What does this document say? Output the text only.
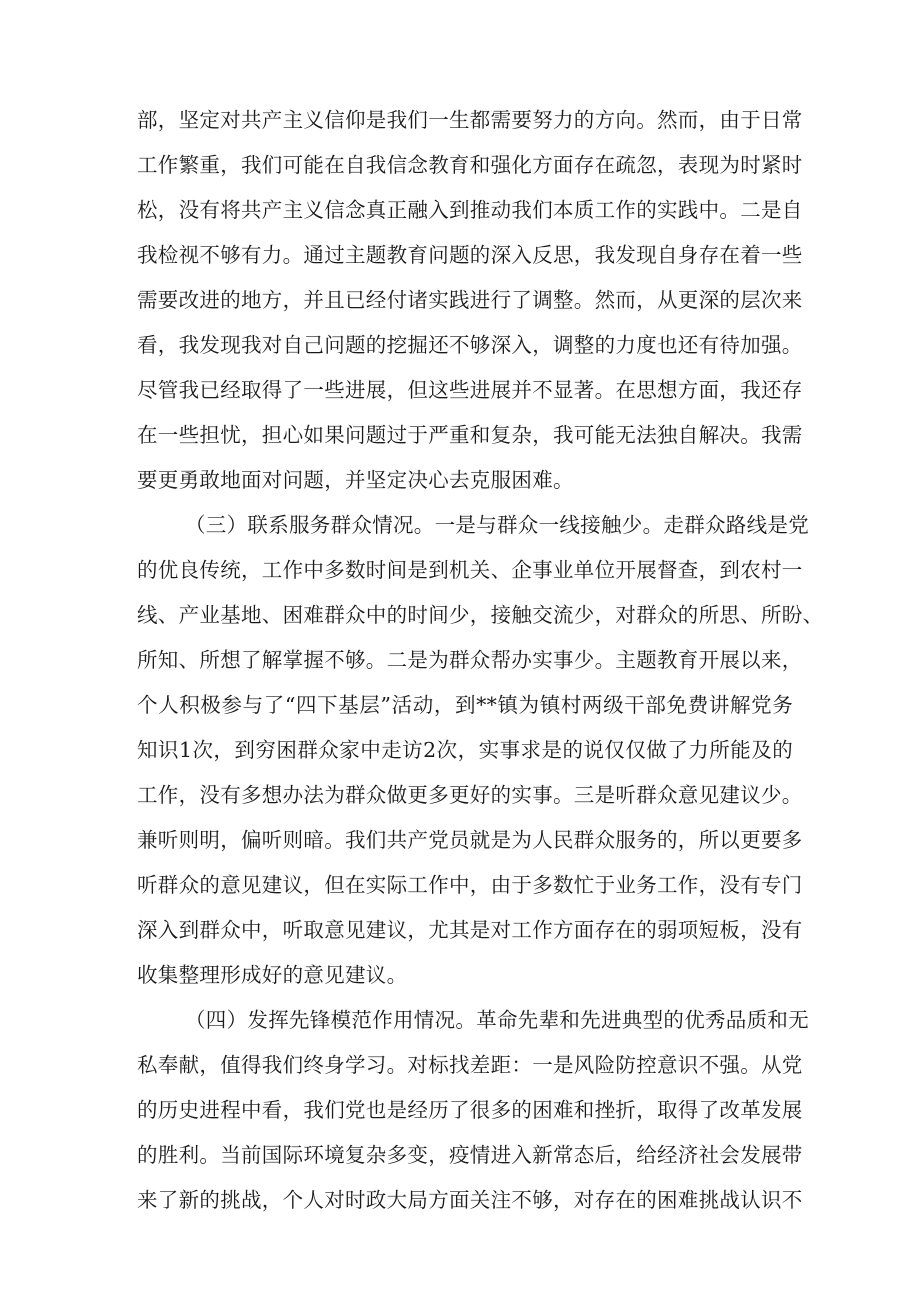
部，坚定对共产主义信仰是我们一生都需要努力的方向。然而，由于日常
工作繁重，我们可能在自我信念教育和强化方面存在疏忽，表现为时紧时
松，没有将共产主义信念真正融入到推动我们本质工作的实践中。二是自
我检视不够有力。通过主题教育问题的深入反思，我发现自身存在着一些
需要改进的地方，并且已经付诸实践进行了调整。然而，从更深的层次来
看，我发现我对自己问题的挖掘还不够深入，调整的力度也还有待加强。
尽管我已经取得了一些进展，但这些进展并不显著。在思想方面，我还存
在一些担忧，担心如果问题过于严重和复杂，我可能无法独自解决。我需
要更勇敢地面对问题，并坚定决心去克服困难。
（三）联系服务群众情况。一是与群众一线接触少。走群众路线是党
的优良传统，工作中多数时间是到机关、企事业单位开展督查，到农村一
线、产业基地、困难群众中的时间少，接触交流少，对群众的所思、所盼、
所知、所想了解掌握不够。二是为群众帮办实事少。主题教育开展以来，
个人积极参与了“四下基层”活动，到**镇为镇村两级干部免费讲解党务
知识1次，到穷困群众家中走访2次，实事求是的说仅仅做了力所能及的
工作，没有多想办法为群众做更多更好的实事。三是听群众意见建议少。
兼听则明，偏听则暗。我们共产党员就是为人民群众服务的，所以更要多
听群众的意见建议，但在实际工作中，由于多数忙于业务工作，没有专门
深入到群众中，听取意见建议，尤其是对工作方面存在的弱项短板，没有
收集整理形成好的意见建议。
（四）发挥先锋模范作用情况。革命先辈和先进典型的优秀品质和无
私奉献，值得我们终身学习。对标找差距：一是风险防控意识不强。从党
的历史进程中看，我们党也是经历了很多的困难和挫折，取得了改革发展
的胜利。当前国际环境复杂多变，疫情进入新常态后，给经济社会发展带
来了新的挑战，个人对时政大局方面关注不够，对存在的困难挑战认识不
